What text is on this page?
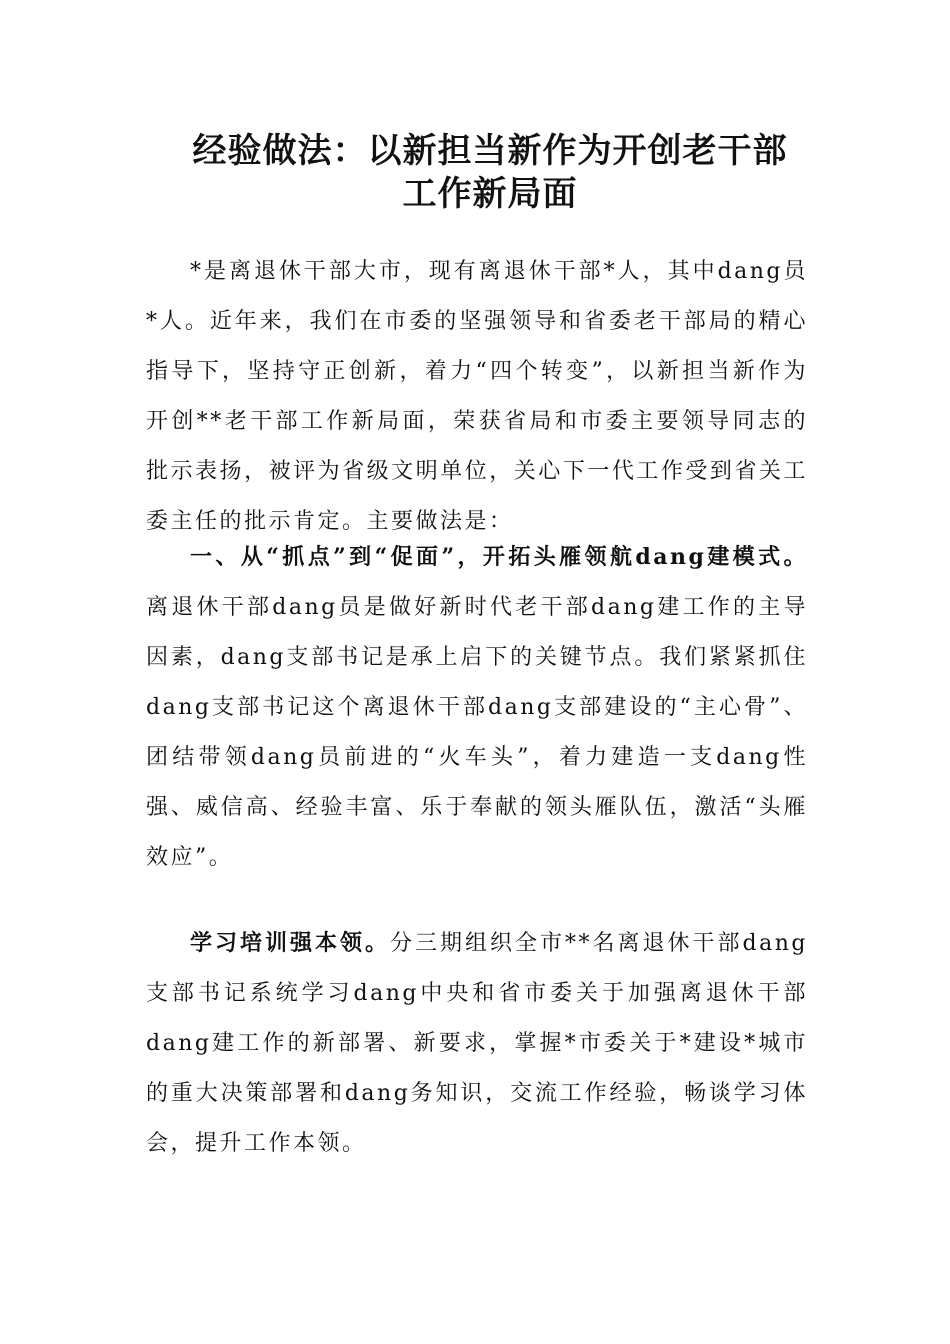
经验做法：以新担当新作为开创老干部
工作新局面

*是离退休干部大市，现有离退休干部*人，其中dang员*人。近年来，我们在市委的坚强领导和省委老干部局的精心指导下，坚持守正创新，着力“四个转变”，以新担当新作为开创**老干部工作新局面，荣获省局和市委主要领导同志的批示表扬，被评为省级文明单位，关心下一代工作受到省关工委主任的批示肯定。主要做法是：

一、从“抓点”到“促面”，开拓头雁领航dang建模式。离退休干部dang员是做好新时代老干部dang建工作的主导因素，dang支部书记是承上启下的关键节点。我们紧紧抓住dang支部书记这个离退休干部dang支部建设的“主心骨”、团结带领dang员前进的“火车头”，着力建造一支dang性强、威信高、经验丰富、乐于奉献的领头雁队伍，激活“头雁效应”。

学习培训强本领。分三期组织全市**名离退休干部dang支部书记系统学习dang中央和省市委关于加强离退休干部dang建工作的新部署、新要求，掌握*市委关于*建设*城市的重大决策部署和dang务知识，交流工作经验，畅谈学习体会，提升工作本领。
